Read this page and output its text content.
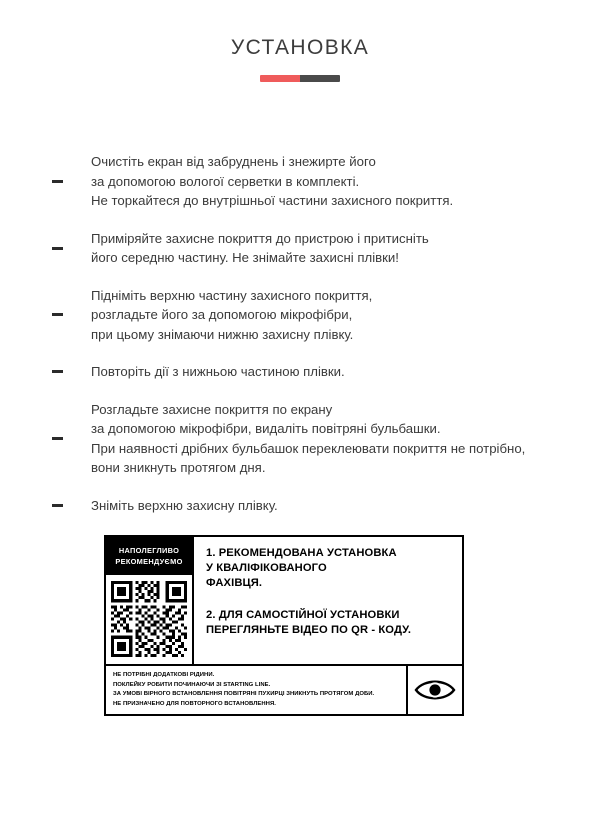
УСТАНОВКА
Очистіть екран від забруднень і знежирте його
за допомогою вологої серветки в комплекті.
Не торкайтеся до внутрішньої частини захисного покриття.
Приміряйте захисне покриття до пристрою і притисніть
його середню частину. Не знімайте захисні плівки!
Підніміть верхню частину захисного покриття,
розгладьте його за допомогою мікрофібри,
при цьому знімаючи нижню захисну плівку.
Повторіть дії з нижньою частиною плівки.
Розгладьте захисне покриття по екрану
за допомогою мікрофібри, видаліть повітряні бульбашки.
При наявності дрібних бульбашок переклеювати покриття не потрібно,
вони зникнуть протягом дня.
Зніміть верхню захисну плівку.
НАПОЛЕГЛИВО
РЕКОМЕНДУЄМО
1. РЕКОМЕНДОВАНА УСТАНОВКА
У КВАЛІФІКОВАНОГО
ФАХІВЦЯ.
2. ДЛЯ САМОСТІЙНОЇ УСТАНОВКИ
ПЕРЕГЛЯНЬТЕ ВІДЕО ПО QR - КОДУ.
НЕ ПОТРІБНІ ДОДАТКОВІ РІДИНИ.
ПОКЛЕЙКУ РОБИТИ ПОЧИНАЮЧИ ЗІ STARTING LINE.
ЗА УМОВІ ВІРНОГО ВСТАНОВЛЕННЯ ПОВІТРЯНІ ПУХИРЦІ ЗНИКНУТЬ ПРОТЯГОМ ДОБИ.
НЕ ПРИЗНАЧЕНО ДЛЯ ПОВТОРНОГО ВСТАНОВЛЕННЯ.
